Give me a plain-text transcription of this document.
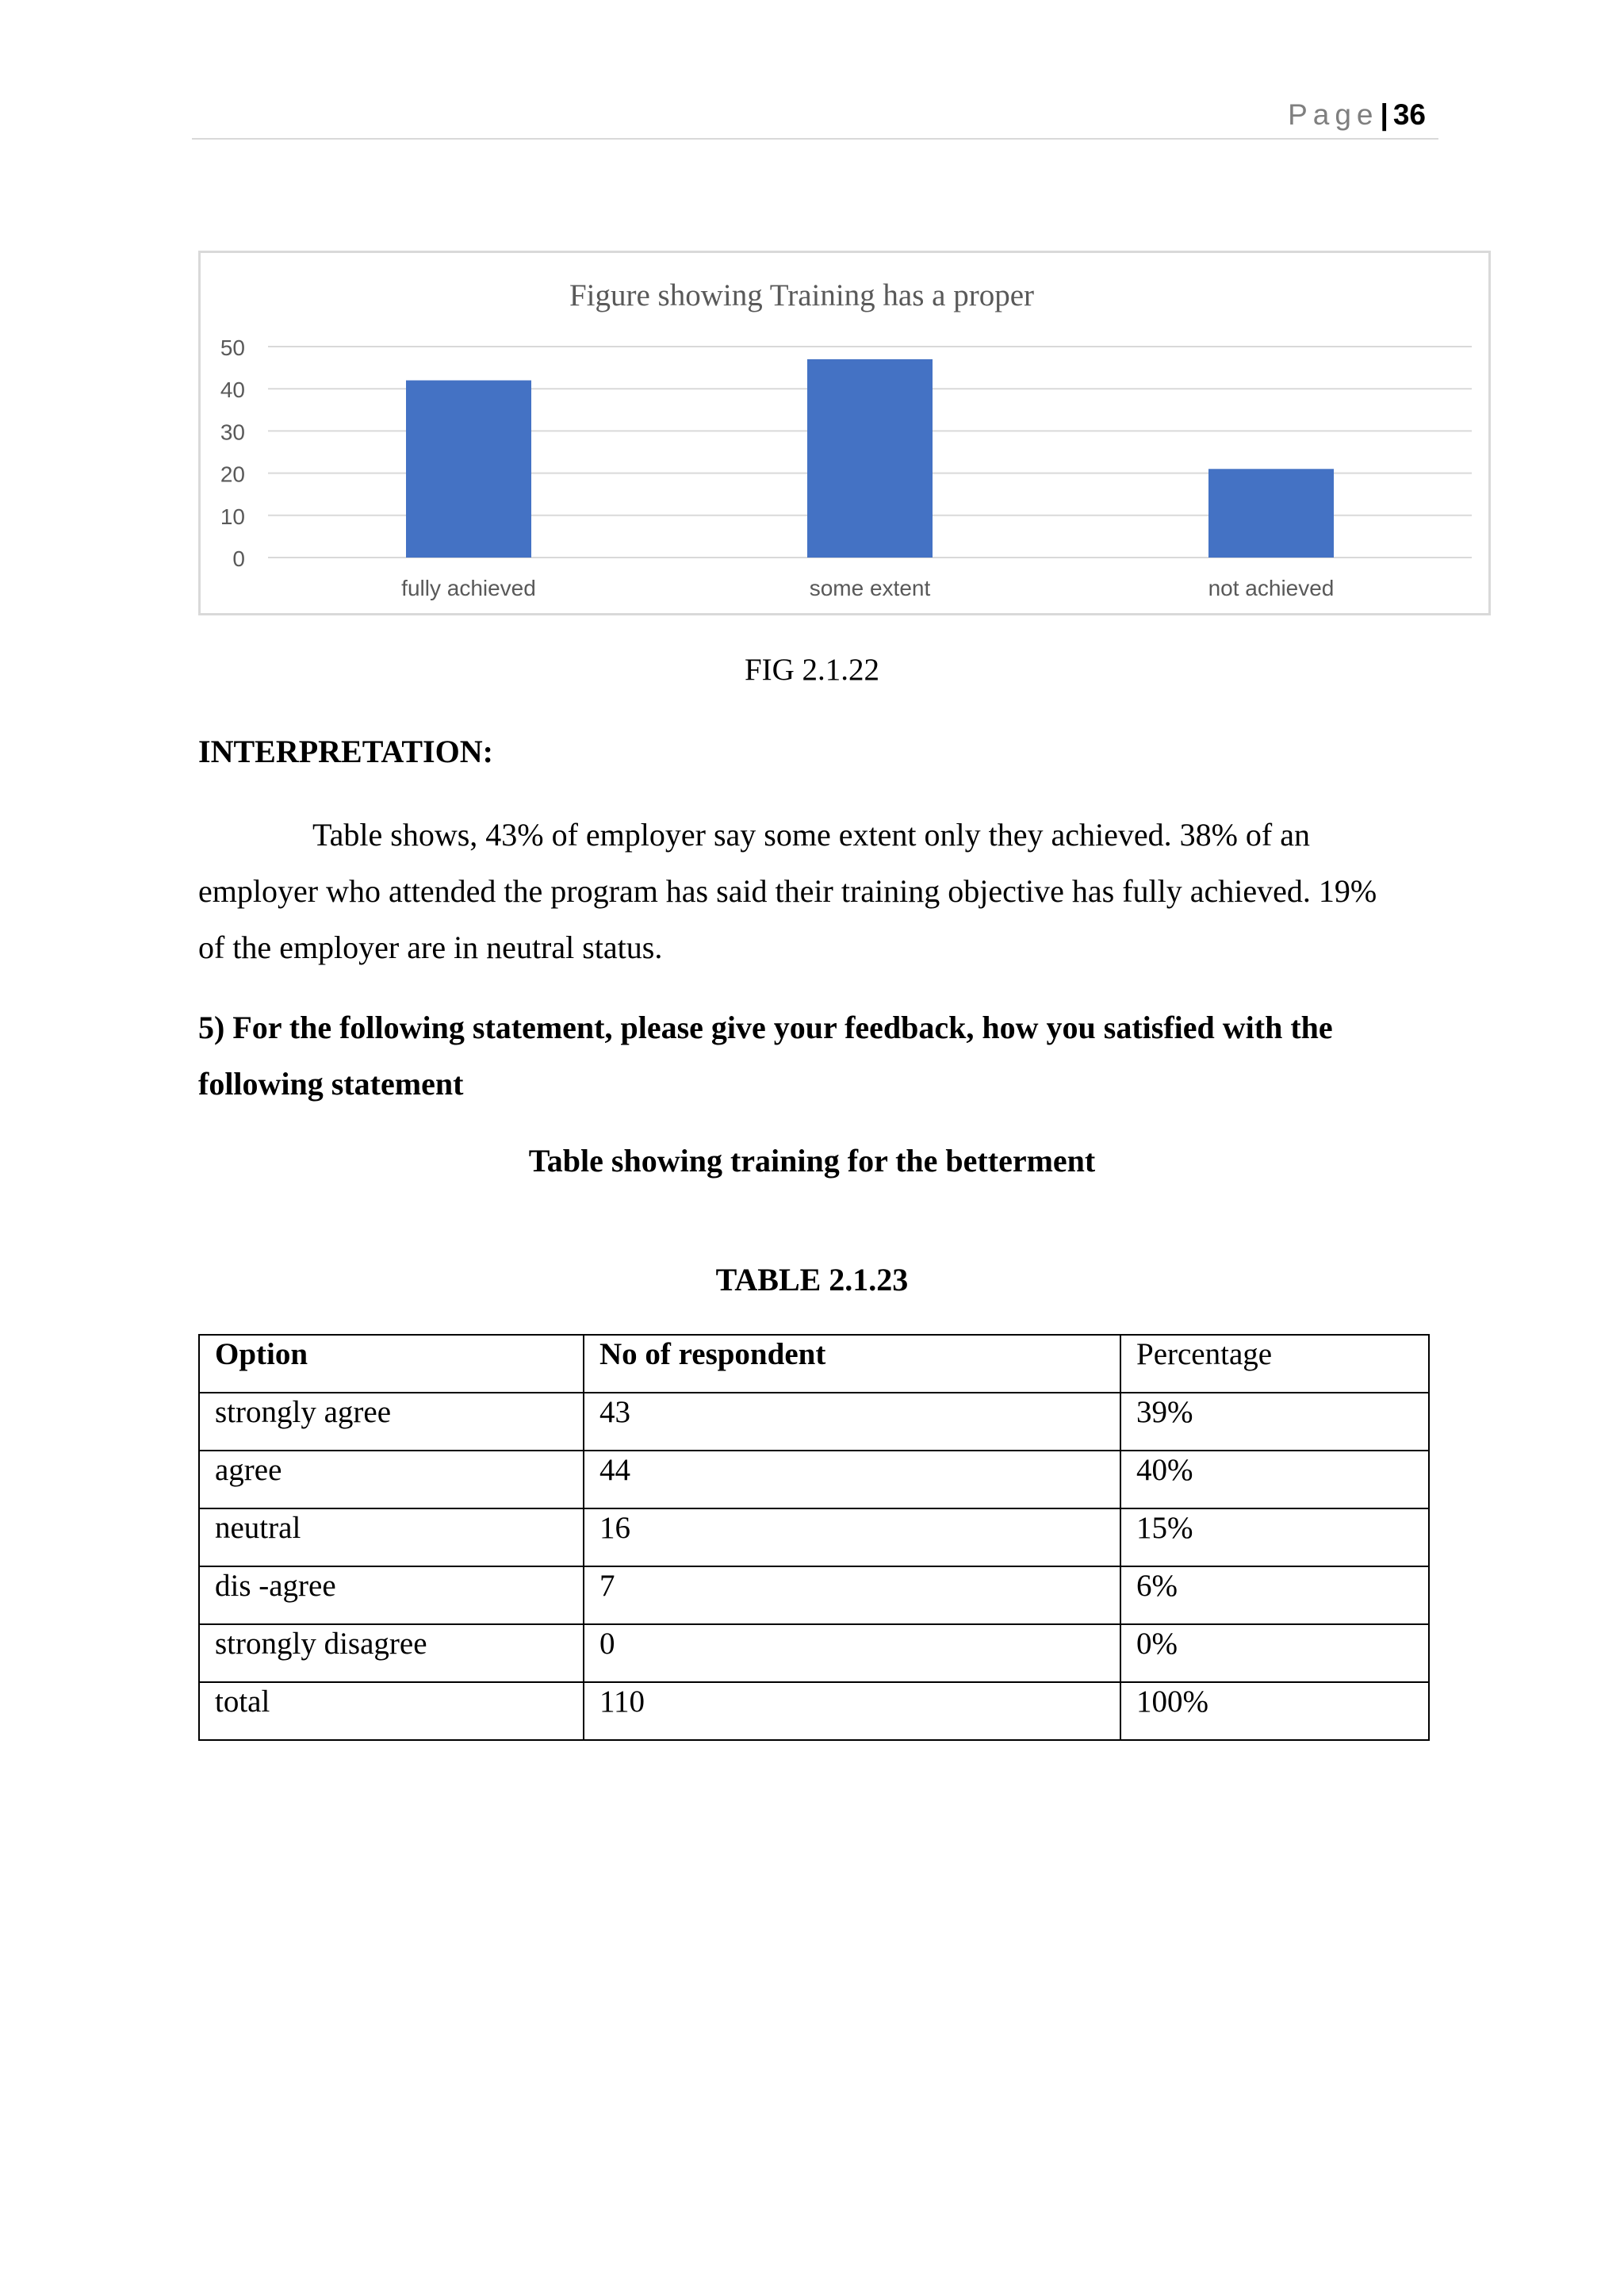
Page| 36
Figure showing Training has a proper
0
10
20
30
40
50
fully achieved	some extent	not achieved
FIG 2.1.22
INTERPRETATION:
Table shows, 43% of employer say some extent only they achieved. 38% of an
employer who attended the program has said their training objective has fully achieved. 19%
of the employer are in neutral status.
5) For the following statement, please give your feedback, how you satisfied with the
following statement
Table showing training for the betterment
TABLE 2.1.23
Option	No of respondent	Percentage
strongly agree	43	39%
agree	44	40%
neutral	16	15%
dis -agree	7	6%
strongly disagree	0	0%
total	110	100%
